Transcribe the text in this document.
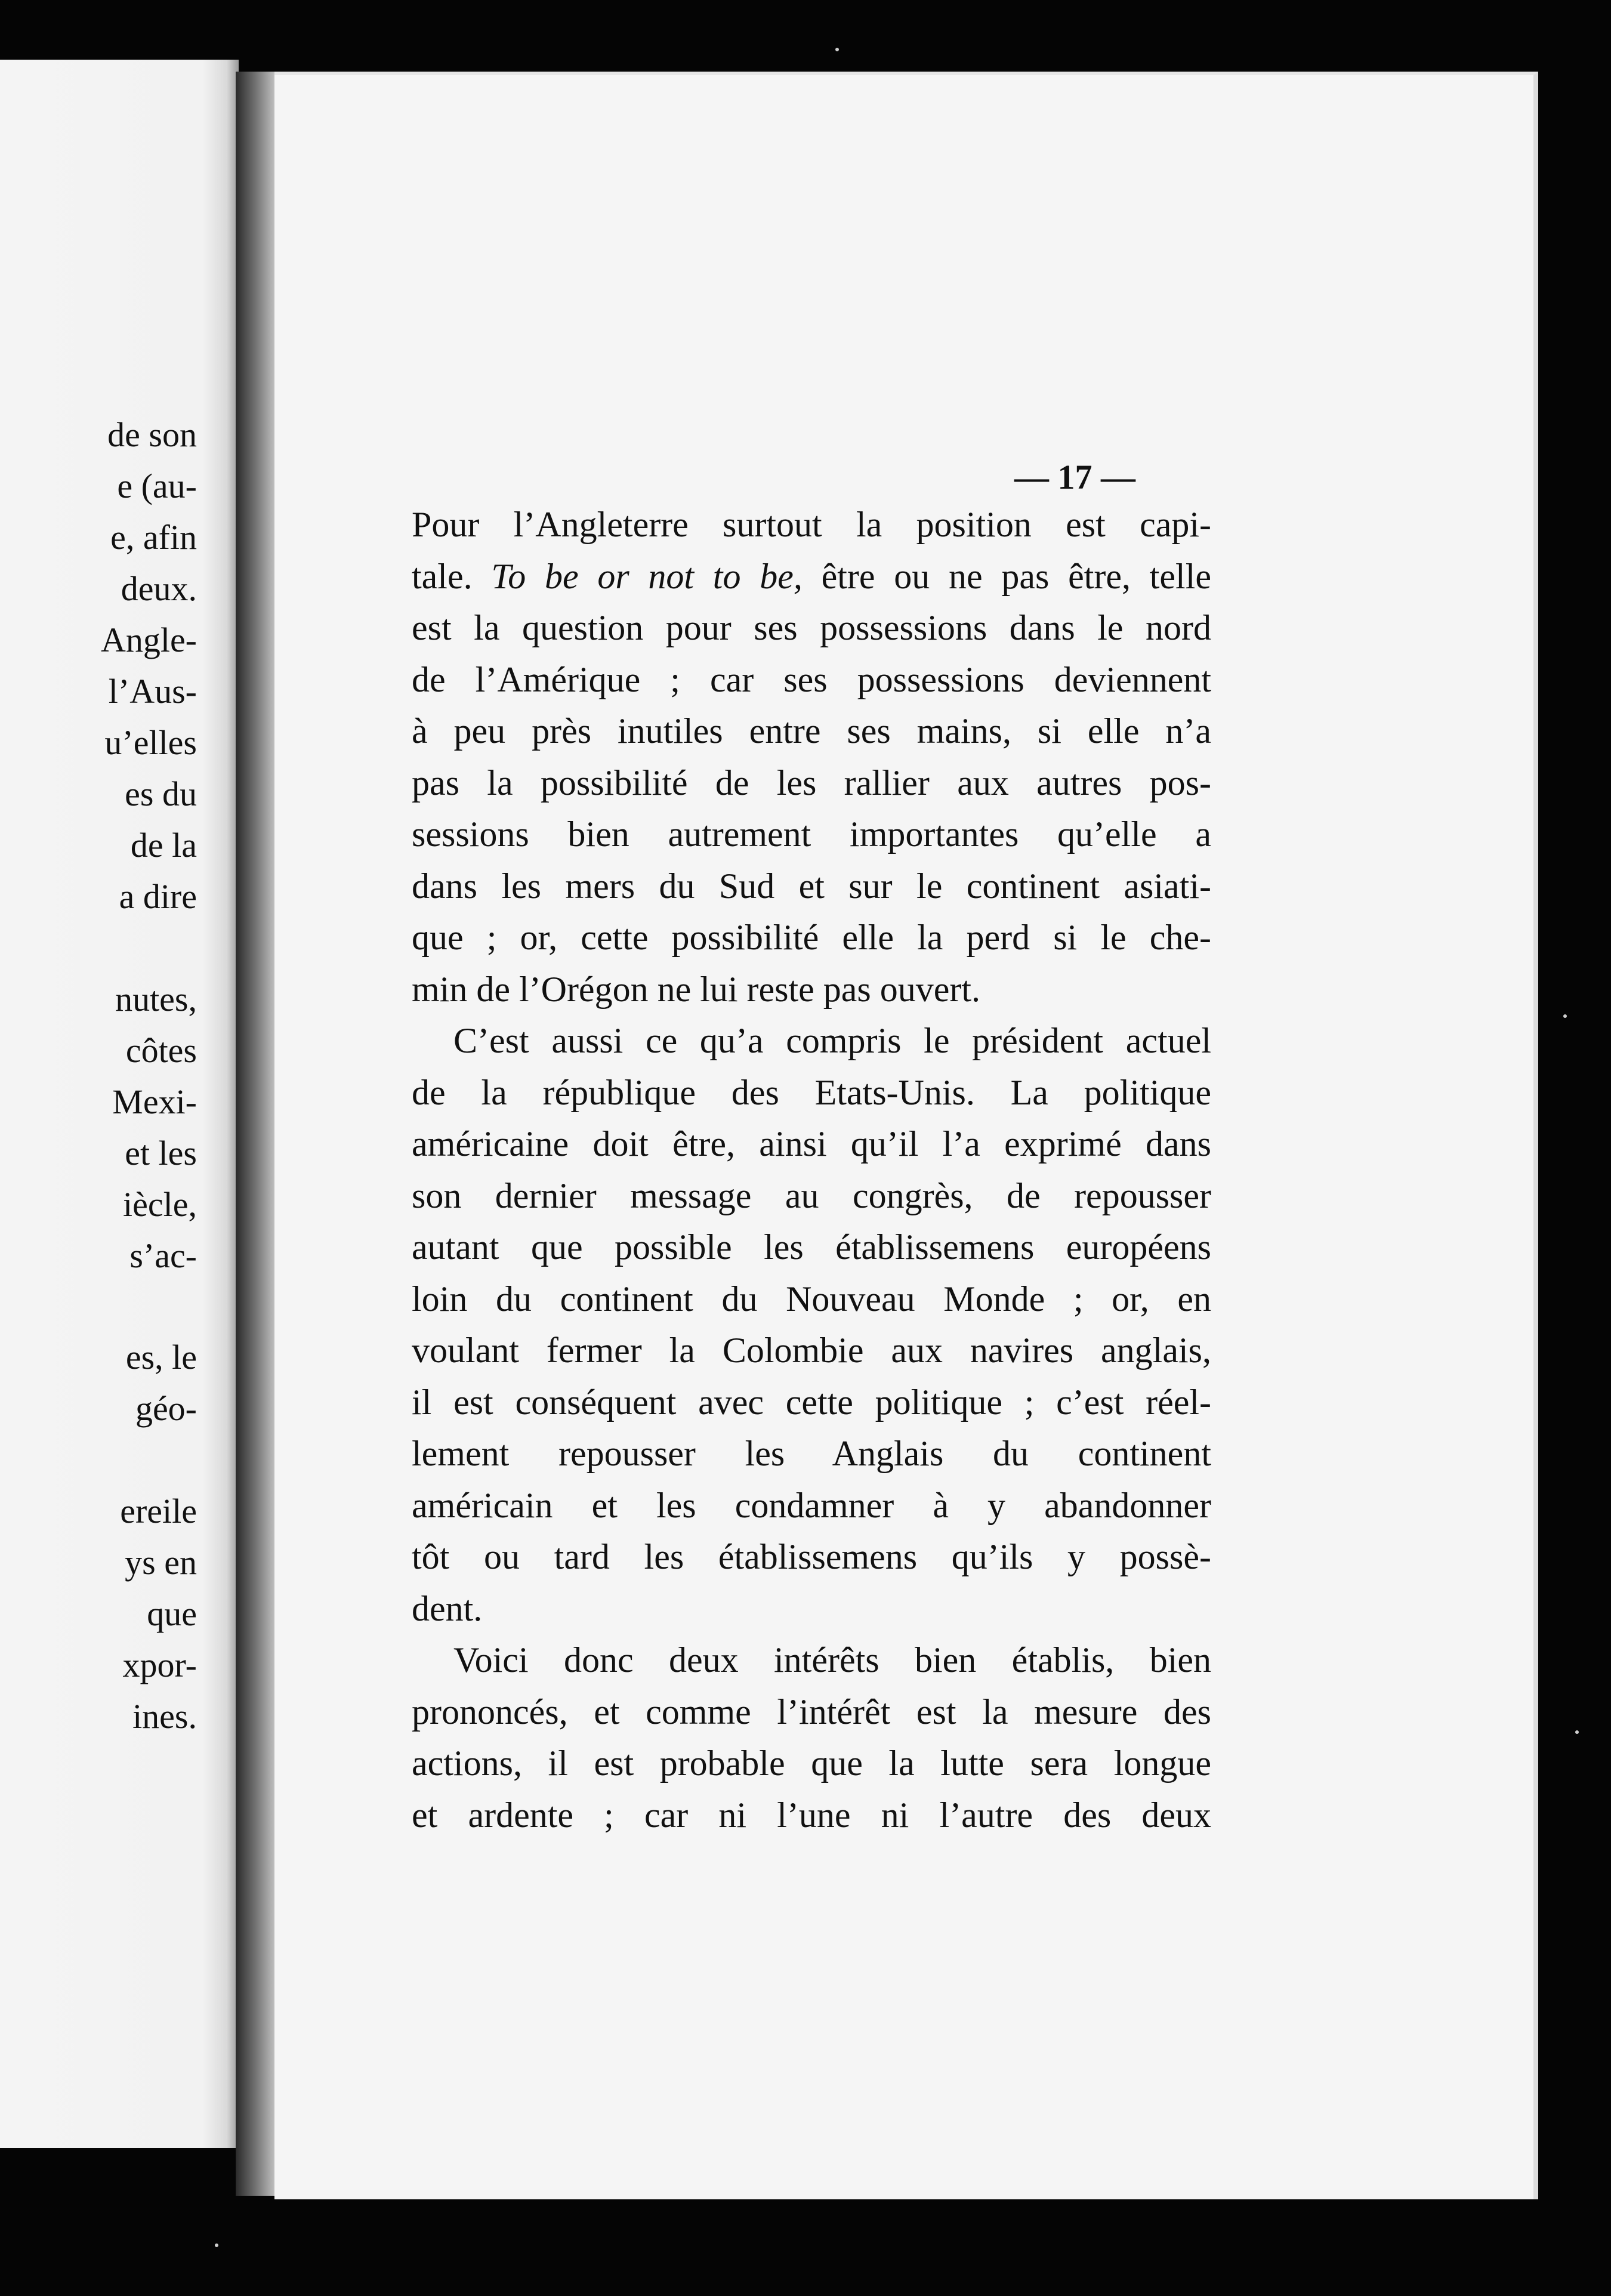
de son
e (au-
e, afin
deux.
Angle-
l’Aus-
u’elles
es du
de la
a dire
nutes,
côtes
Mexi-
et les
iècle,
s’ac-
es, le
géo-
ereile
ys en
que
xpor-
ines.
— 17 —
Pour l’Angleterre surtout la position est capi-
tale. To be or not to be, être ou ne pas être, telle
est la question pour ses possessions dans le nord
de l’Amérique ; car ses possessions deviennent
à peu près inutiles entre ses mains, si elle n’a
pas la possibilité de les rallier aux autres pos-
sessions bien autrement importantes qu’elle a
dans les mers du Sud et sur le continent asiati-
que ; or, cette possibilité elle la perd si le che-
min de l’Orégon ne lui reste pas ouvert.
C’est aussi ce qu’a compris le président actuel
de la république des Etats-Unis. La politique
américaine doit être, ainsi qu’il l’a exprimé dans
son dernier message au congrès, de repousser
autant que possible les établissemens européens
loin du continent du Nouveau Monde ; or, en
voulant fermer la Colombie aux navires anglais,
il est conséquent avec cette politique ; c’est réel-
lement repousser les Anglais du continent
américain et les condamner à y abandonner
tôt ou tard les établissemens qu’ils y possè-
dent.
Voici donc deux intérêts bien établis, bien
prononcés, et comme l’intérêt est la mesure des
actions, il est probable que la lutte sera longue
et ardente ; car ni l’une ni l’autre des deux
